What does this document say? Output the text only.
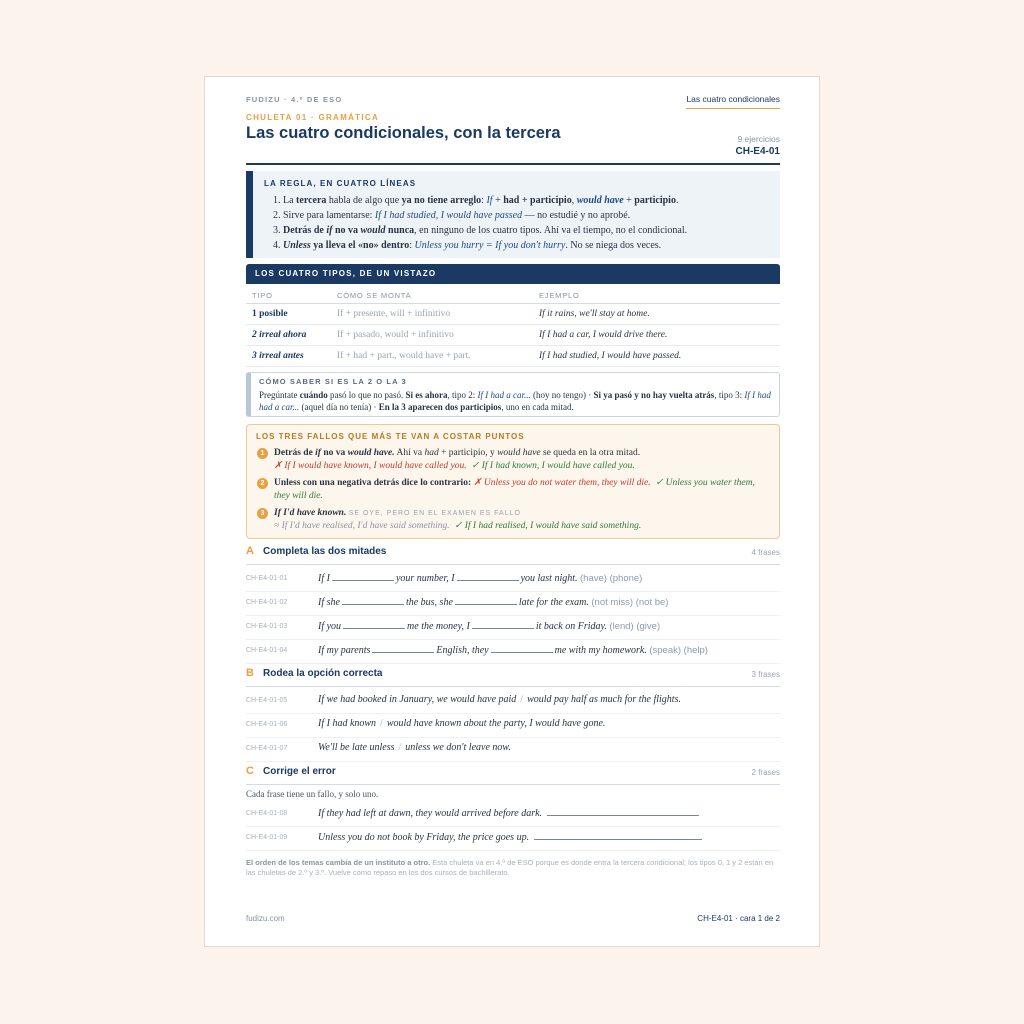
FUDIZU · 4.º DE ESO	Las cuatro condicionales
CHULETA 01 · GRAMÁTICA
Las cuatro condicionales, con la tercera	9 ejercicios
CH-E4-01
LA REGLA, EN CUATRO LÍNEAS
1. La tercera habla de algo que ya no tiene arreglo: If + had + participio, would have + participio.
2. Sirve para lamentarse: If I had studied, I would have passed — no estudié y no aprobé.
3. Detrás de if no va would nunca, en ninguno de los cuatro tipos. Ahí va el tiempo, no el condicional.
4. Unless ya lleva el «no» dentro: Unless you hurry = If you don't hurry. No se niega dos veces.
LOS CUATRO TIPOS, DE UN VISTAZO
TIPO	CÓMO SE MONTA	EJEMPLO
1 posible	If + presente, will + infinitivo	If it rains, we'll stay at home.
2 irreal ahora	If + pasado, would + infinitivo	If I had a car, I would drive there.
3 irreal antes	If + had + part., would have + part.	If I had studied, I would have passed.
CÓMO SABER SI ES LA 2 O LA 3

Pregúntate cuándo pasó lo que no pasó. Si es ahora, tipo 2: If I had a car... (hoy no tengo) · Si ya pasó y no hay vuelta atrás, tipo 3: If I had had a car... (aquel día no tenía) · En la 3 aparecen dos participios, uno en cada mitad.

LOS TRES FALLOS QUE MÁS TE VAN A COSTAR PUNTOS
1	Detrás de if no va would have. Ahí va had + participio, y would have se queda en la otra mitad.
✗ If I would have known, I would have called you. ✓ If I had known, I would have called you.
2	Unless con una negativa detrás dice lo contrario: ✗ Unless you do not water them, they will die. ✓ Unless you water them, they will die.
3	If I'd have known. SE OYE, PERO EN EL EXAMEN ES FALLO
≈ If I'd have realised, I'd have said something. ✓ If I had realised, I would have said something.
A Completa las dos mitades	4 frases
CH-E4-01-01	If I	your number, I	you last night. (have) (phone)
CH-E4-01-02	If she	the bus, she	late for the exam. (not miss) (not be)
CH-E4-01-03	If you	me the money, I	it back on Friday. (lend) (give)
CH-E4-01-04	If my parents	English, they	me with my homework. (speak) (help)
B Rodea la opción correcta	3 frases
CH-E4-01-05	If we had booked in January, we would have paid / would pay half as much for the flights.
CH-E4-01-06	If I had known / would have known about the party, I would have gone.
CH-E4-01-07	We'll be late unless / unless we don't leave now.
C Corrige el error	2 frases
Cada frase tiene un fallo, y solo uno.
CH-E4-01-08	If they had left at dawn, they would arrived before dark.
CH-E4-01-09	Unless you do not book by Friday, the price goes up.
El orden de los temas cambia de un instituto a otro. Esta chuleta va en 4.º de ESO porque es donde entra la tercera condicional; los tipos 0, 1 y 2 están en las chuletas de 2.º y 3.º. Vuelve como repaso en los dos cursos de bachillerato.
fudizu.com	CH-E4-01 · cara 1 de 2
